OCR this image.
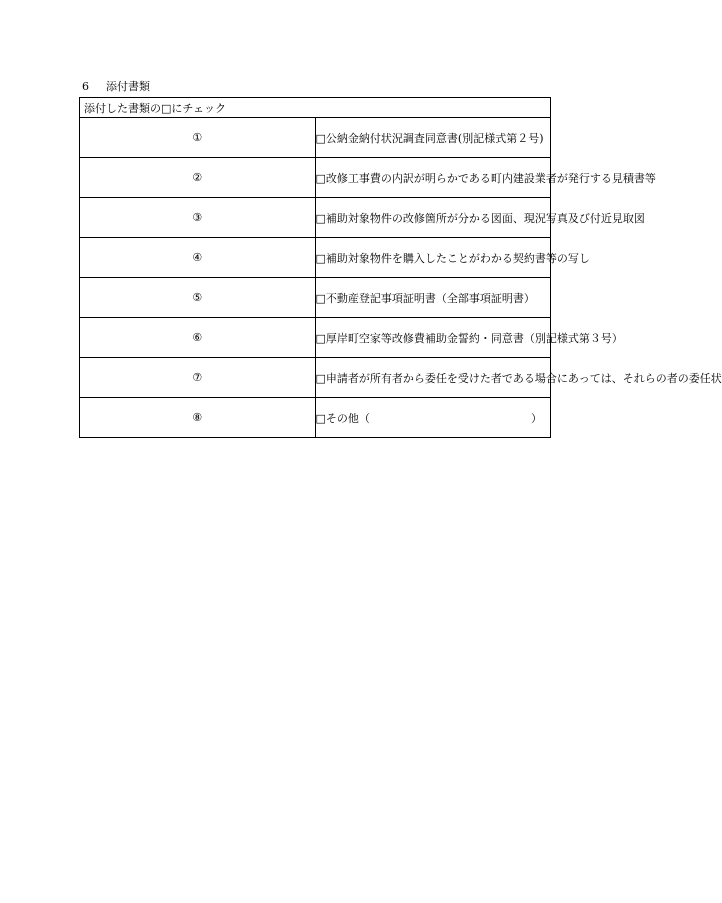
6 添付書類
添付した書類の□にチェック	
①	□公納金納付状況調査同意書(別記様式第２号)
②	□改修工事費の内訳が明らかである町内建設業者が発行する見積書等
③	□補助対象物件の改修箇所が分かる図面、現況写真及び付近見取図
④	□補助対象物件を購入したことがわかる契約書等の写し
⑤	□不動産登記事項証明書（全部事項証明書）
⑥	□厚岸町空家等改修費補助金誓約・同意書（別記様式第３号）
⑦	□申請者が所有者から委任を受けた者である場合にあっては、それらの者の委任状
⑧	□その他（ ）
